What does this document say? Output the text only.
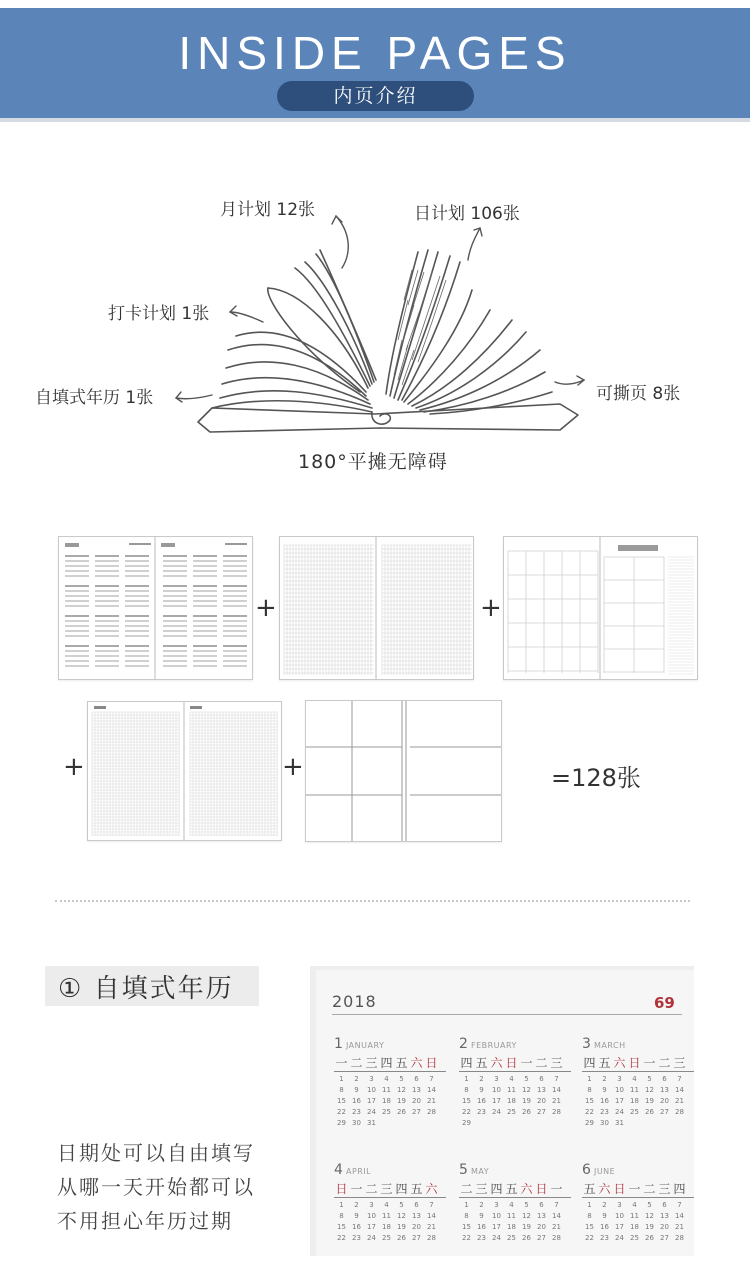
INSIDE PAGES
内页介绍
月计划 12张	日计划 106张
打卡计划 1张
自填式年历 1张	可撕页 8张
180°平摊无障碍
+	+
+	+	=128张
① 自填式年历
日期处可以自由填写
从哪一天开始都可以
不用担心年历过期
2018	69
1 JANUARY
一 二 三 四 五 六 日
1	2	3	4	5	6	7
8	9	10 11 12 13 14
15 16 17 18 19 20 21
22 23 24 25 26 27 28
29 30 31
2 FEBRUARY
四 五 六 日 一 二 三
1	2	3	4	5	6	7
8	9	10 11 12 13 14
15 16 17 18 19 20 21
22 23 24 25 26 27 28
29
3 MARCH
四 五 六 日 一 二 三
1	2	3	4	5	6	7
8	9	10 11 12 13 14
15 16 17 18 19 20 21
22 23 24 25 26 27 28
29 30 31
4 APRIL
日 一 二 三 四 五 六
1	2	3	4	5	6	7
8	9	10 11 12 13 14
15 16 17 18 19 20 21
22 23 24 25 26 27 28
5 MAY
二 三 四 五 六 日 一
1	2	3	4	5	6	7
8	9	10 11 12 13 14
15 16 17 18 19 20 21
22 23 24 25 26 27 28
6 JUNE
五 六 日 一 二 三 四
1	2	3	4	5	6	7
8	9	10 11 12 13 14
15 16 17 18 19 20 21
22 23 24 25 26 27 28
